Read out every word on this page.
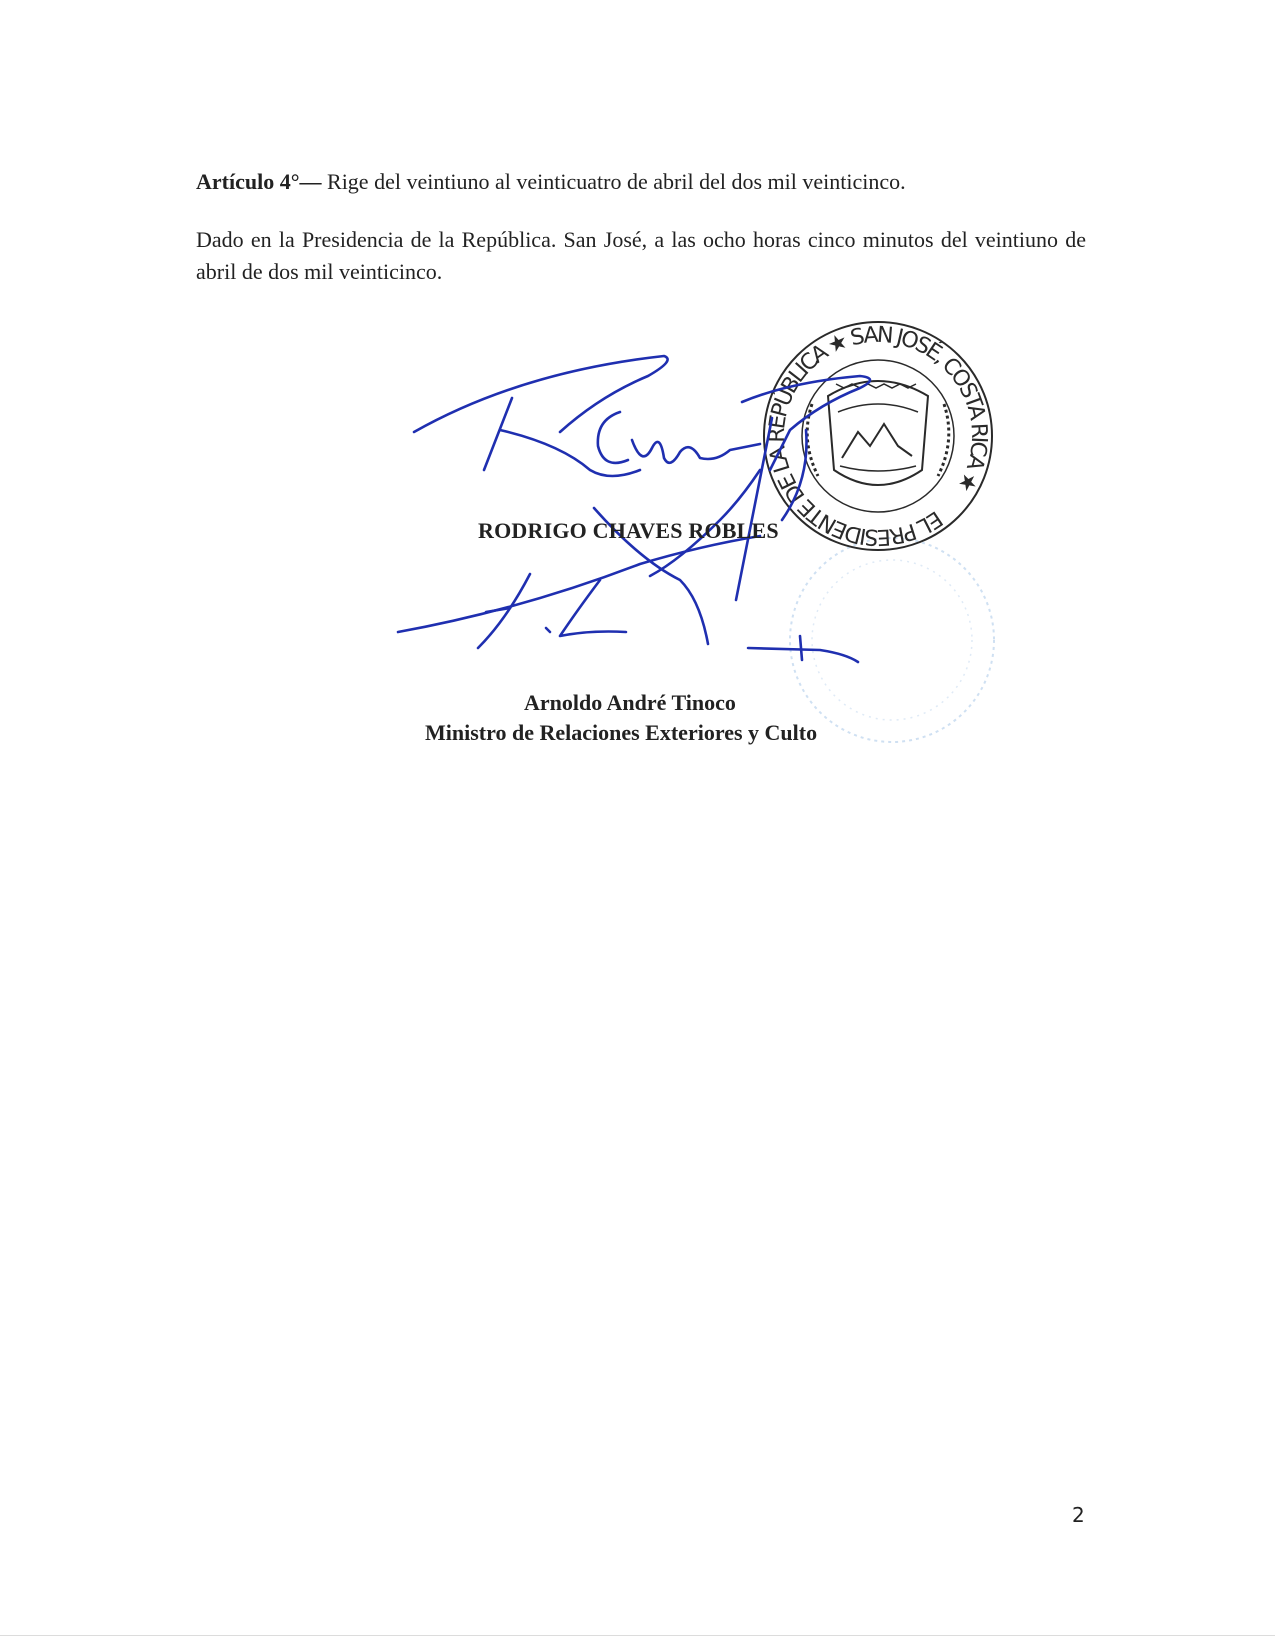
Artículo 4°— Rige del veintiuno al veinticuatro de abril del dos mil veinticinco.

Dado en la Presidencia de la República. San José, a las ocho horas cinco minutos del veintiuno de abril de dos mil veinticinco.

EL PRESIDENTE DE LA REPÚBLICA ★ SAN JOSÉ, COSTA RICA ★
RODRIGO CHAVES ROBLES
Arnoldo André Tinoco
Ministro de Relaciones Exteriores y Culto
2
